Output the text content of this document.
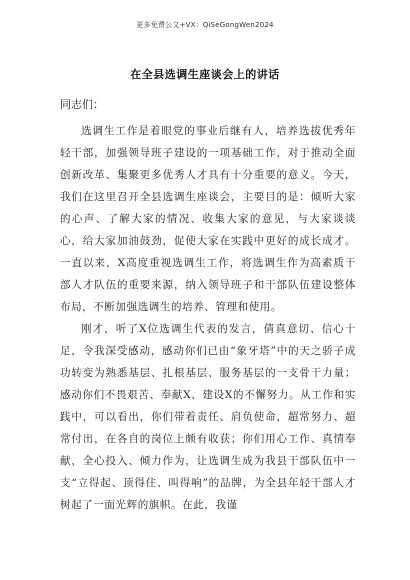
更多免费公文+VX：QiSeGongWen2024
在全县选调生座谈会上的讲话
同志们：

选调生工作是着眼党的事业后继有人，培养选拔优秀年轻干部，加强领导班子建设的一项基础工作，对于推动全面创新改革、集聚更多优秀人才具有十分重要的意义。今天，我们在这里召开全县选调生座谈会，主要目的是：倾听大家的心声、了解大家的情况、收集大家的意见，与大家谈谈心，给大家加油鼓劲，促使大家在实践中更好的成长成才。一直以来，X高度重视选调生工作，将选调生作为高素质干部人才队伍的重要来源，纳入领导班子和干部队伍建设整体布局，不断加强选调生的培养、管理和使用。

刚才，听了X位选调生代表的发言，倩真意切、信心十足，令我深受感动，感动你们已由“象牙塔”中的天之骄子成功转变为熟悉基层、扎根基层、服务基层的一支骨干力量；感动你们不畏艰苦、奉献X、建设X的不懈努力。从工作和实践中，可以看出，你们带着责任、肩负使命，超常努力、超常付出，在各自的岗位上颇有收获；你们用心工作、真情奉献，全心投入、倾力作为，让选调生成为我县干部队伍中一支“立得起、顶得住、叫得响”的品牌，为全县年轻干部人才树起了一面光辉的旗帜。在此，我谨
